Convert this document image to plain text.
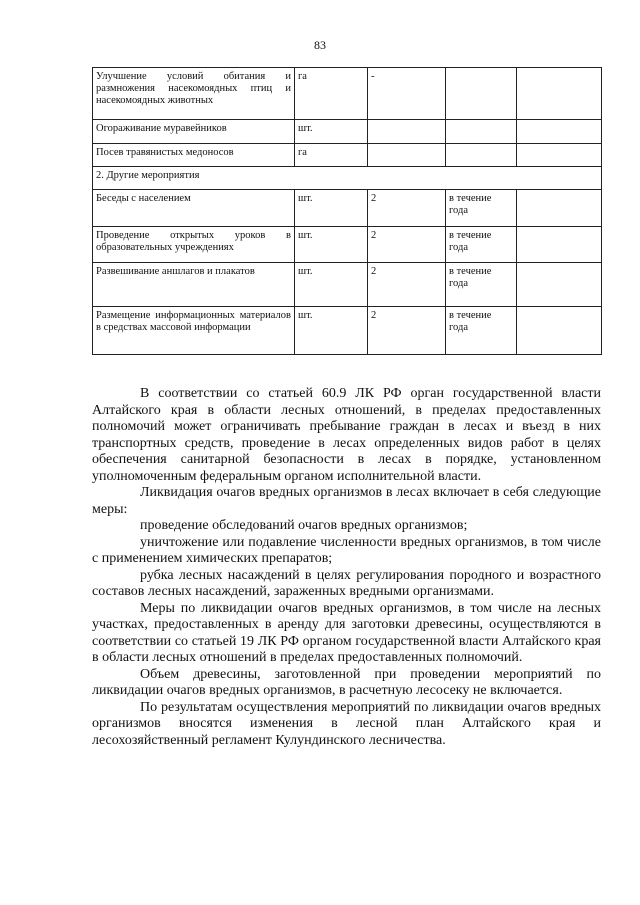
83
Улучшение условий обитания и размножения насекомоядных птиц и насекомоядных животных	га	-		
Огораживание муравейников	шт.			
Посев травянистых медоносов	га			
2. Другие мероприятия				
Беседы с населением	шт.	2	в течение года	
Проведение открытых уроков в образовательных учреждениях	шт.	2	в течение года	
Развешивание аншлагов и плакатов	шт.	2	в течение года	
Размещение информационных материалов в средствах массовой информации	шт.	2	в течение года	

В соответствии со статьей 60.9 ЛК РФ орган государственной власти Алтайского края в области лесных отношений, в пределах предоставленных полномочий может ограничивать пребывание граждан в лесах и въезд в них транспортных средств, проведение в лесах определенных видов работ в целях обеспечения санитарной безопасности в лесах в порядке, установленном уполномоченным федеральным органом исполнительной власти.

Ликвидация очагов вредных организмов в лесах включает в себя следующие меры:

проведение обследований очагов вредных организмов;

уничтожение или подавление численности вредных организмов, в том числе с применением химических препаратов;

рубка лесных насаждений в целях регулирования породного и возрастного составов лесных насаждений, зараженных вредными организмами.

Меры по ликвидации очагов вредных организмов, в том числе на лесных участках, предоставленных в аренду для заготовки древесины, осуществляются в соответствии со статьей 19 ЛК РФ органом государственной власти Алтайского края в области лесных отношений в пределах предоставленных полномочий.

Объем древесины, заготовленной при проведении мероприятий по ликвидации очагов вредных организмов, в расчетную лесосеку не включается.

По результатам осуществления мероприятий по ликвидации очагов вредных организмов вносятся изменения в лесной план Алтайского края и лесохозяйственный регламент Кулундинского лесничества.
